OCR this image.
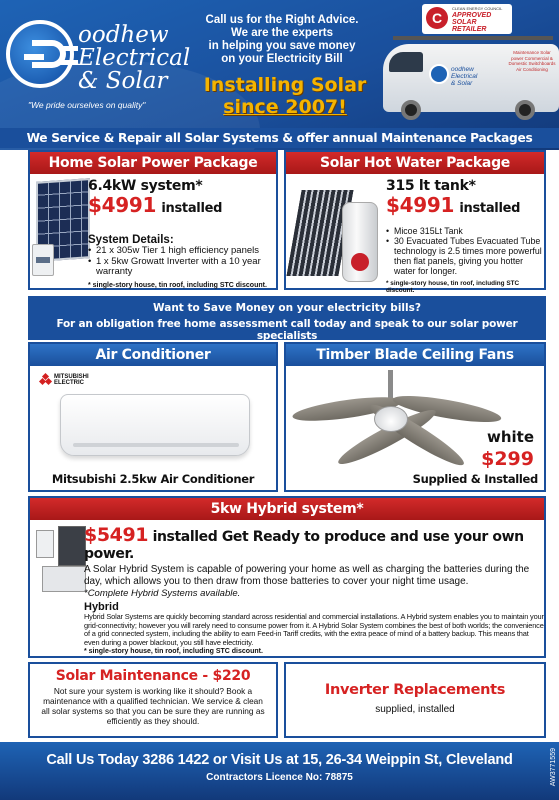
oodhew
Electrical
& Solar
"We pride ourselves on quality"
Call us for the Right Advice.
We are the experts
in helping you save money
on your Electricity Bill
Installing Solar
since 2007!
oodhew
Electrical
& Solar
Maintenance Solar power Commercial & Domestic Switchboards Air Conditioning
C
CLEAN ENERGY COUNCIL
APPROVED
SOLAR
RETAILER
We Service & Repair all Solar Systems & offer annual Maintenance Packages
Home Solar Power Package
6.4kW system*
$4991 installed
System Details:
• 21 x 305w Tier 1 high efficiency panels
• 1 x 5kw Growatt Inverter with a 10 year warranty
* single-story house, tin roof, including STC discount.
Solar Hot Water Package
315 lt tank*
$4991 installed
• Micoe 315Lt Tank
• 30 Evacuated Tubes Evacuated Tube technology is 2.5 times more powerful then flat panels, giving you hotter water for longer.
* single-story house, tin roof, including STC discount.
Want to Save Money on your electricity bills?
For an obligation free home assessment call today and speak to our solar power specialists
Air Conditioner
MITSUBISHI
ELECTRIC
Mitsubishi 2.5kw Air Conditioner
Timber Blade Ceiling Fans
white
$299
Supplied & Installed
5kw Hybrid system*
$5491 installed Get Ready to produce and use your own power.
A Solar Hybrid System is capable of powering your home as well as charging the batteries during the day, which allows you to then draw from those batteries to cover your night time usage.
*Complete Hybrid Systems available.
Hybrid
Hybrid Solar Systems are quickly becoming standard across residential and commercial installations. A Hybrid system enables you to maintain your grid-connectivity; however you will rarely need to consume power from it. A Hybrid Solar System combines the best of both worlds; the convenience of a grid connected system, including the ability to earn Feed-in Tariff credits, with the extra peace of mind of a battery backup. This means that even during a power blackout, you still have electricity.
* single-story house, tin roof, including STC discount.
Solar Maintenance - $220
Not sure your system is working like it should? Book a maintenance with a qualified technician. We service & clean all solar systems so that you can be sure they are running as efficiently as they should.
Inverter Replacements
supplied, installed
Call Us Today 3286 1422 or Visit Us at 15, 26-34 Weippin St, Cleveland
Contractors Licence No: 78875	AW3771559
